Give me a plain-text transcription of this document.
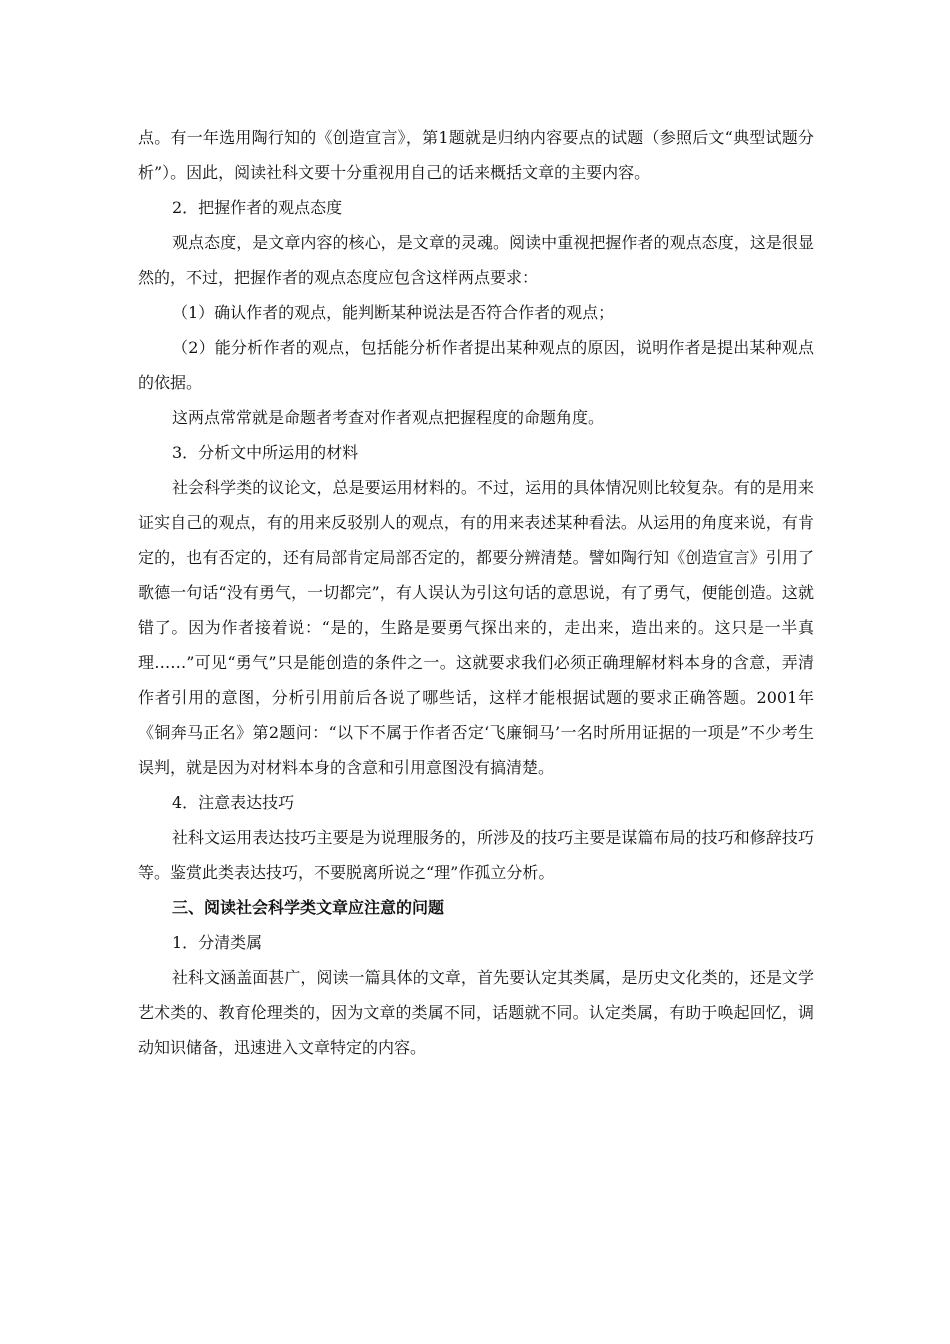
点。有一年选用陶行知的《创造宣言》，第1题就是归纳内容要点的试题（参照后文“典型试题分析”）。因此，阅读社科文要十分重视用自己的话来概括文章的主要内容。

2．把握作者的观点态度

观点态度，是文章内容的核心，是文章的灵魂。阅读中重视把握作者的观点态度，这是很显然的，不过，把握作者的观点态度应包含这样两点要求：

（1）确认作者的观点，能判断某种说法是否符合作者的观点；

（2）能分析作者的观点，包括能分析作者提出某种观点的原因，说明作者是提出某种观点的依据。

这两点常常就是命题者考查对作者观点把握程度的命题角度。

3．分析文中所运用的材料

社会科学类的议论文，总是要运用材料的。不过，运用的具体情况则比较复杂。有的是用来证实自己的观点，有的用来反驳别人的观点，有的用来表述某种看法。从运用的角度来说，有肯定的，也有否定的，还有局部肯定局部否定的，都要分辨清楚。譬如陶行知《创造宣言》引用了歌德一句话“没有勇气，一切都完”，有人误认为引这句话的意思说，有了勇气，便能创造。这就错了。因为作者接着说：“是的，生路是要勇气探出来的，走出来，造出来的。这只是一半真理……”可见“勇气”只是能创造的条件之一。这就要求我们必须正确理解材料本身的含意，弄清作者引用的意图，分析引用前后各说了哪些话，这样才能根据试题的要求正确答题。2001年《铜奔马正名》第2题问：“以下不属于作者否定‘飞廉铜马’一名时所用证据的一项是”不少考生误判，就是因为对材料本身的含意和引用意图没有搞清楚。

4．注意表达技巧

社科文运用表达技巧主要是为说理服务的，所涉及的技巧主要是谋篇布局的技巧和修辞技巧等。鉴赏此类表达技巧，不要脱离所说之“理”作孤立分析。

三、阅读社会科学类文章应注意的问题

1．分清类属

社科文涵盖面甚广，阅读一篇具体的文章，首先要认定其类属，是历史文化类的，还是文学艺术类的、教育伦理类的，因为文章的类属不同，话题就不同。认定类属，有助于唤起回忆，调动知识储备，迅速进入文章特定的内容。
